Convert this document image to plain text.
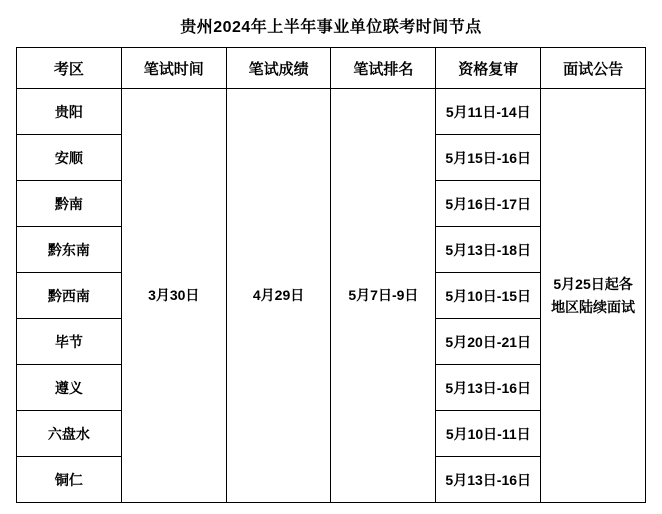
贵州2024年上半年事业单位联考时间节点					
考区	笔试时间	笔试成绩	笔试排名	资格复审	面试公告
贵阳	3月30日	4月29日	5月7日-9日	5月11日-14日	5月25日起各地区陆续面试

安顺				5月15日-16日	
黔南				5月16日-17日	
黔东南				5月13日-18日	
黔西南				5月10日-15日	
毕节				5月20日-21日	
遵义				5月13日-16日	
六盘水				5月10日-11日	
铜仁				5月13日-16日	
